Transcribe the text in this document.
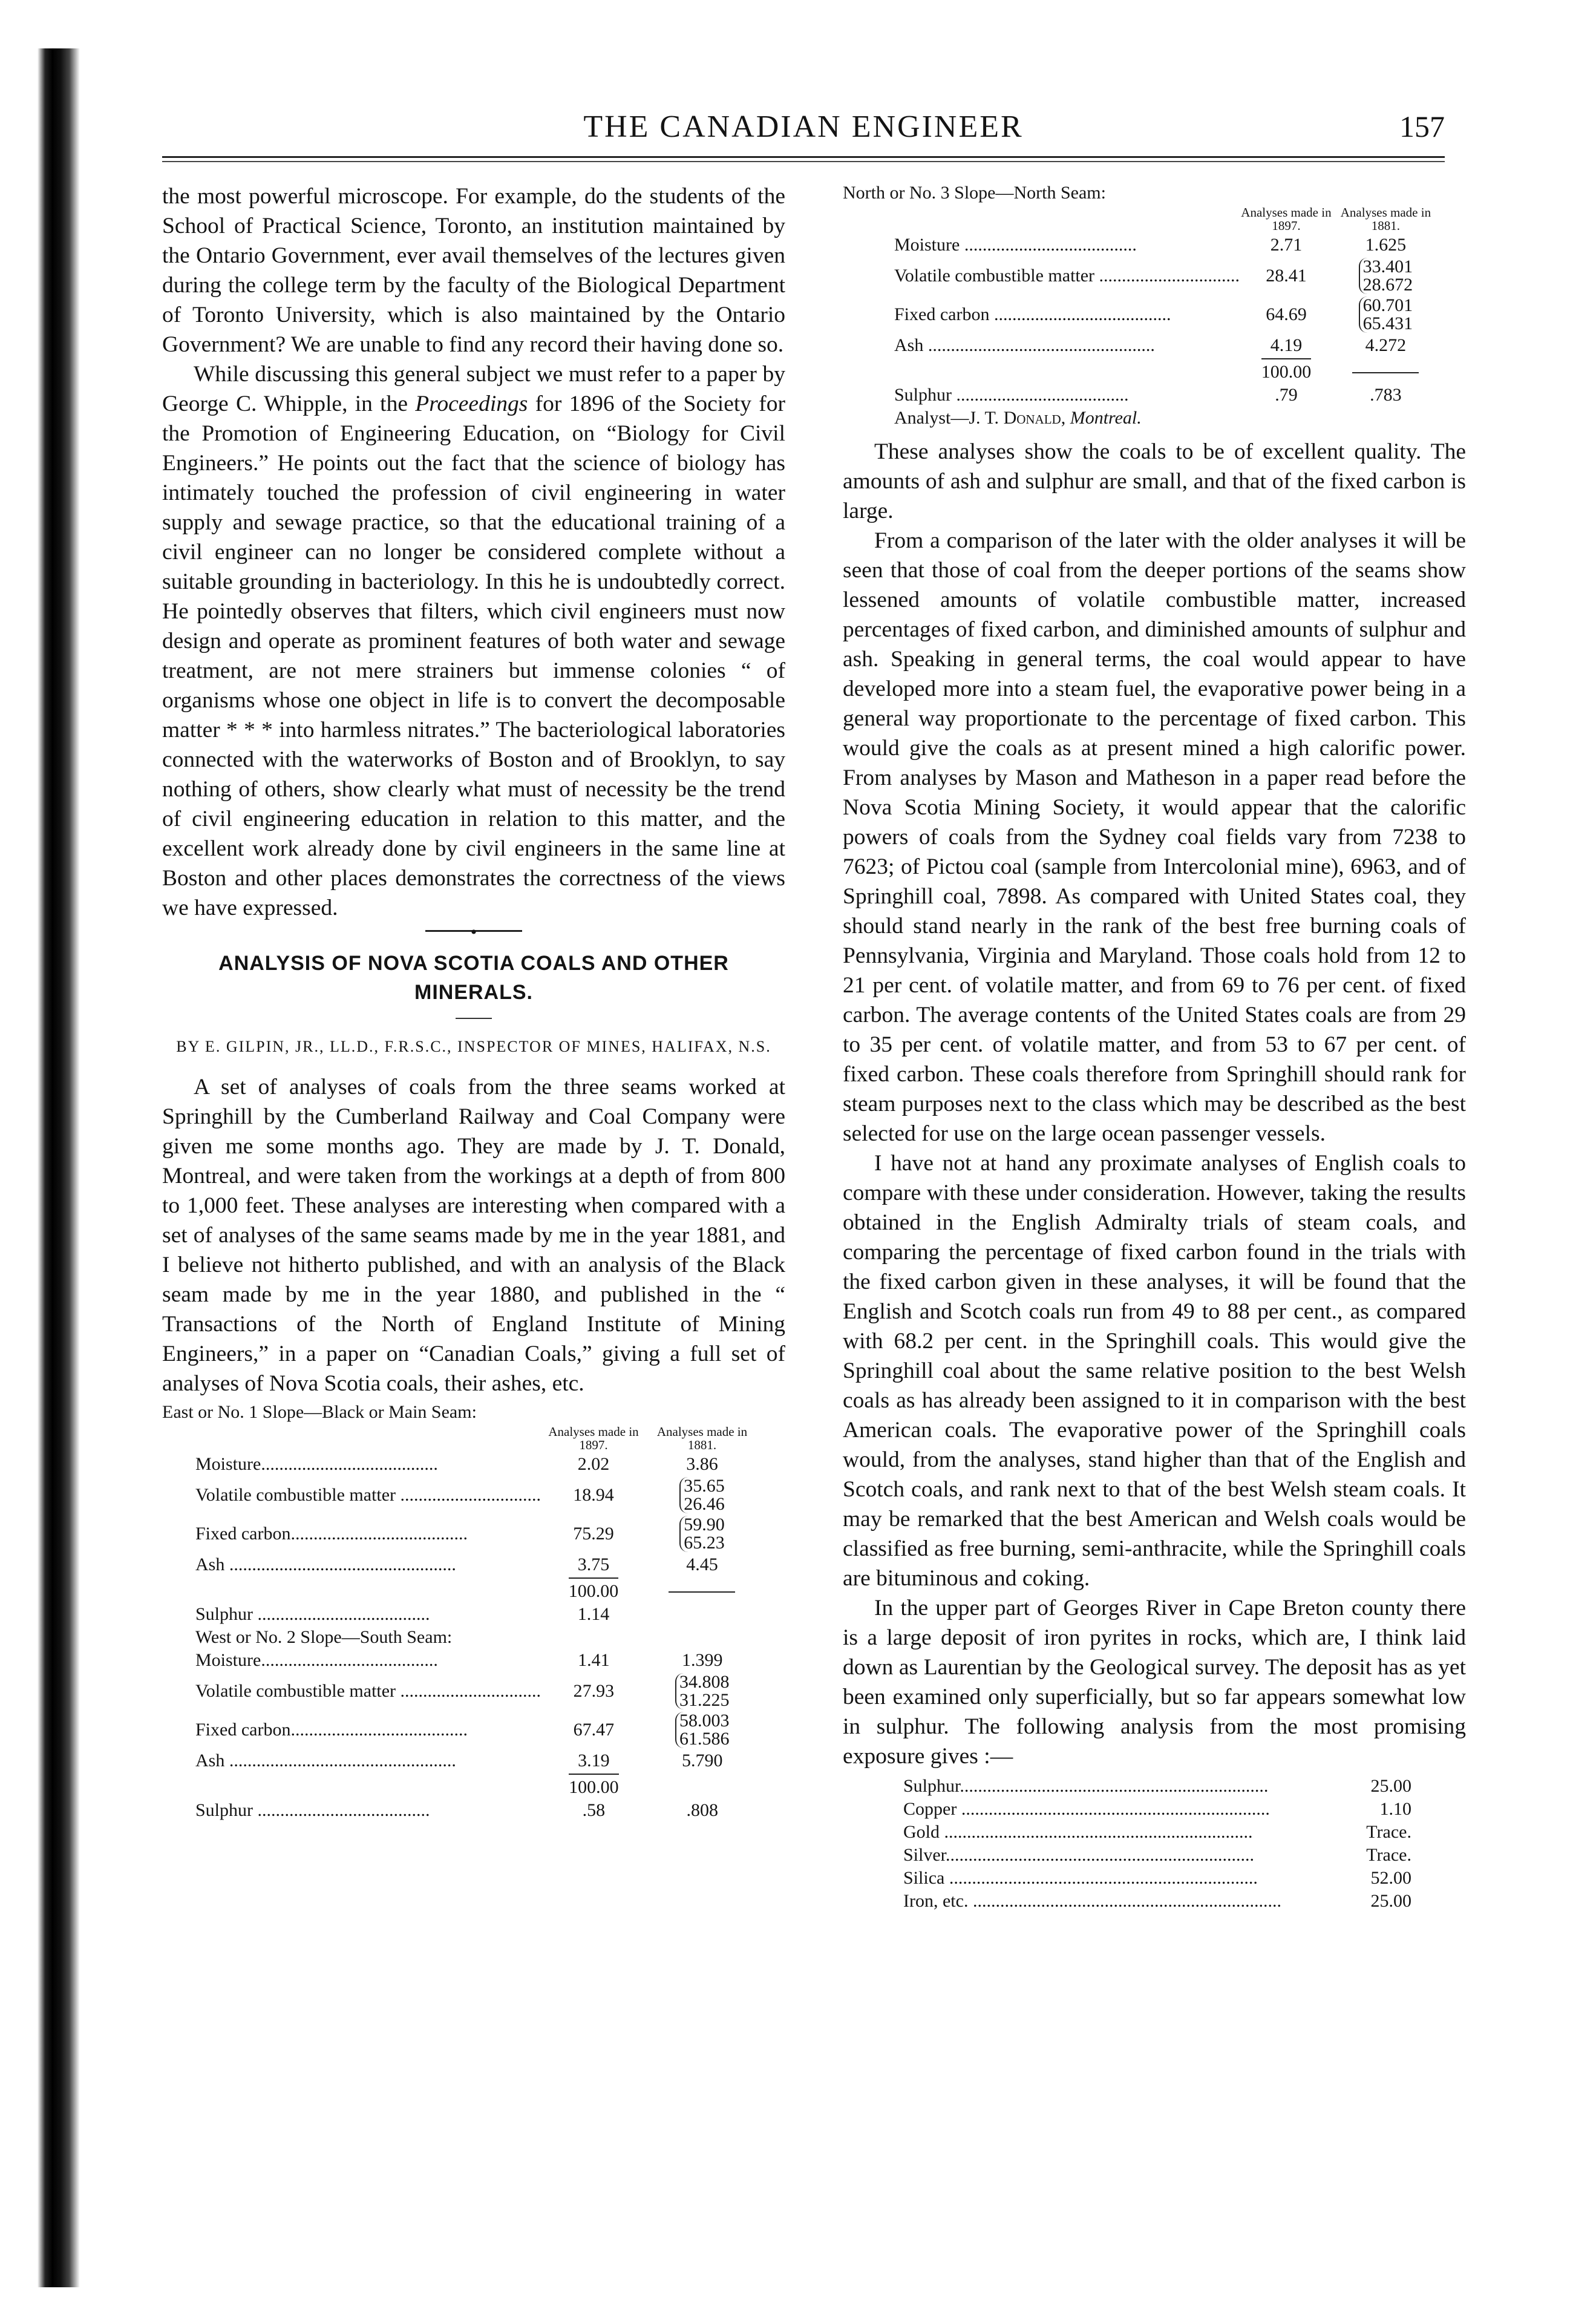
THE CANADIAN ENGINEER	157

the most powerful microscope. For example, do the students of the School of Practical Science, Toronto, an institution maintained by the Ontario Government, ever avail themselves of the lectures given during the college term by the faculty of the Biological Department of Toronto University, which is also maintained by the Ontario Government? We are unable to find any record their having done so.

While discussing this general subject we must refer to a paper by George C. Whipple, in the Proceedings for 1896 of the Society for the Promotion of Engineering Education, on “Biology for Civil Engineers.” He points out the fact that the science of biology has intimately touched the profession of civil engineering in water supply and sewage practice, so that the educational training of a civil engineer can no longer be considered complete without a suitable grounding in bacteriology. In this he is undoubtedly correct. He pointedly observes that filters, which civil engineers must now design and operate as prominent features of both water and sewage treatment, are not mere strainers but immense colonies “ of organisms whose one object in life is to convert the decomposable matter * * * into harmless nitrates.” The bacteriological laboratories connected with the waterworks of Boston and of Brooklyn, to say nothing of others, show clearly what must of necessity be the trend of civil engineering education in relation to this matter, and the excellent work already done by civil engineers in the same line at Boston and other places demonstrates the correctness of the views we have expressed.

•
ANALYSIS OF NOVA SCOTIA COALS AND OTHER MINERALS.
BY E. GILPIN, JR., LL.D., F.R.S.C., INSPECTOR OF MINES, HALIFAX, N.S.

A set of analyses of coals from the three seams worked at Springhill by the Cumberland Railway and Coal Company were given me some months ago. They are made by J. T. Donald, Montreal, and were taken from the workings at a depth of from 800 to 1,000 feet. These analyses are interesting when compared with a set of analyses of the same seams made by me in the year 1881, and I believe not hitherto published, and with an analysis of the Black seam made by me in the year 1880, and published in the “ Transactions of the North of England Institute of Mining Engineers,” in a paper on “Canadian Coals,” giving a full set of analyses of Nova Scotia coals, their ashes, etc.

East or No. 1 Slope—Black or Main Seam:
	Analyses made in 1897.	Analyses made in 1881.
Moisture.......................................	2.02	3.86
Volatile combustible matter ...............................	18.94	35.65
26.46
Fixed carbon.......................................	75.29	59.90
65.23
Ash ..................................................	3.75	4.45
	100.00	
Sulphur ......................................	1.14	
West or No. 2 Slope—South Seam:
Moisture.......................................	1.41	1.399
Volatile combustible matter ...............................	27.93	34.808
31.225
Fixed carbon.......................................	67.47	58.003
61.586
Ash ..................................................	3.19	5.790
	100.00	
Sulphur ......................................	.58	.808
North or No. 3 Slope—North Seam:
	Analyses made in 1897.	Analyses made in 1881.
Moisture ......................................	2.71	1.625
Volatile combustible matter ...............................	28.41	33.401
28.672
Fixed carbon .......................................	64.69	60.701
65.431
Ash ..................................................	4.19	4.272
	100.00	
Sulphur ......................................	.79	.783
Analyst—J. T. Donald, Montreal.

These analyses show the coals to be of excellent quality. The amounts of ash and sulphur are small, and that of the fixed carbon is large.

From a comparison of the later with the older analyses it will be seen that those of coal from the deeper portions of the seams show lessened amounts of volatile combustible matter, increased percentages of fixed carbon, and diminished amounts of sulphur and ash. Speaking in general terms, the coal would appear to have developed more into a steam fuel, the evaporative power being in a general way proportionate to the percentage of fixed carbon. This would give the coals as at present mined a high calorific power. From analyses by Mason and Matheson in a paper read before the Nova Scotia Mining Society, it would appear that the calorific powers of coals from the Sydney coal fields vary from 7238 to 7623; of Pictou coal (sample from Intercolonial mine), 6963, and of Springhill coal, 7898. As compared with United States coal, they should stand nearly in the rank of the best free burning coals of Pennsylvania, Virginia and Maryland. Those coals hold from 12 to 21 per cent. of volatile matter, and from 69 to 76 per cent. of fixed carbon. The average contents of the United States coals are from 29 to 35 per cent. of volatile matter, and from 53 to 67 per cent. of fixed carbon. These coals therefore from Springhill should rank for steam purposes next to the class which may be described as the best selected for use on the large ocean passenger vessels.

I have not at hand any proximate analyses of English coals to compare with these under consideration. However, taking the results obtained in the English Admiralty trials of steam coals, and comparing the percentage of fixed carbon found in the trials with the fixed carbon given in these analyses, it will be found that the English and Scotch coals run from 49 to 88 per cent., as compared with 68.2 per cent. in the Springhill coals. This would give the Springhill coal about the same relative position to the best Welsh coals as has already been assigned to it in comparison with the best American coals. The evaporative power of the Springhill coals would, from the analyses, stand higher than that of the English and Scotch coals, and rank next to that of the best Welsh steam coals. It may be remarked that the best American and Welsh coals would be classified as free burning, semi-anthracite, while the Springhill coals are bituminous and coking.

In the upper part of Georges River in Cape Breton county there is a large deposit of iron pyrites in rocks, which are, I think laid down as Laurentian by the Geological survey. The deposit has as yet been examined only superficially, but so far appears somewhat low in sulphur. The following analysis from the most promising exposure gives :—

Sulphur....................................................................	25.00
Copper ....................................................................	1.10
Gold ....................................................................	Trace.
Silver....................................................................	Trace.
Silica ....................................................................	52.00
Iron, etc. ....................................................................	25.00
